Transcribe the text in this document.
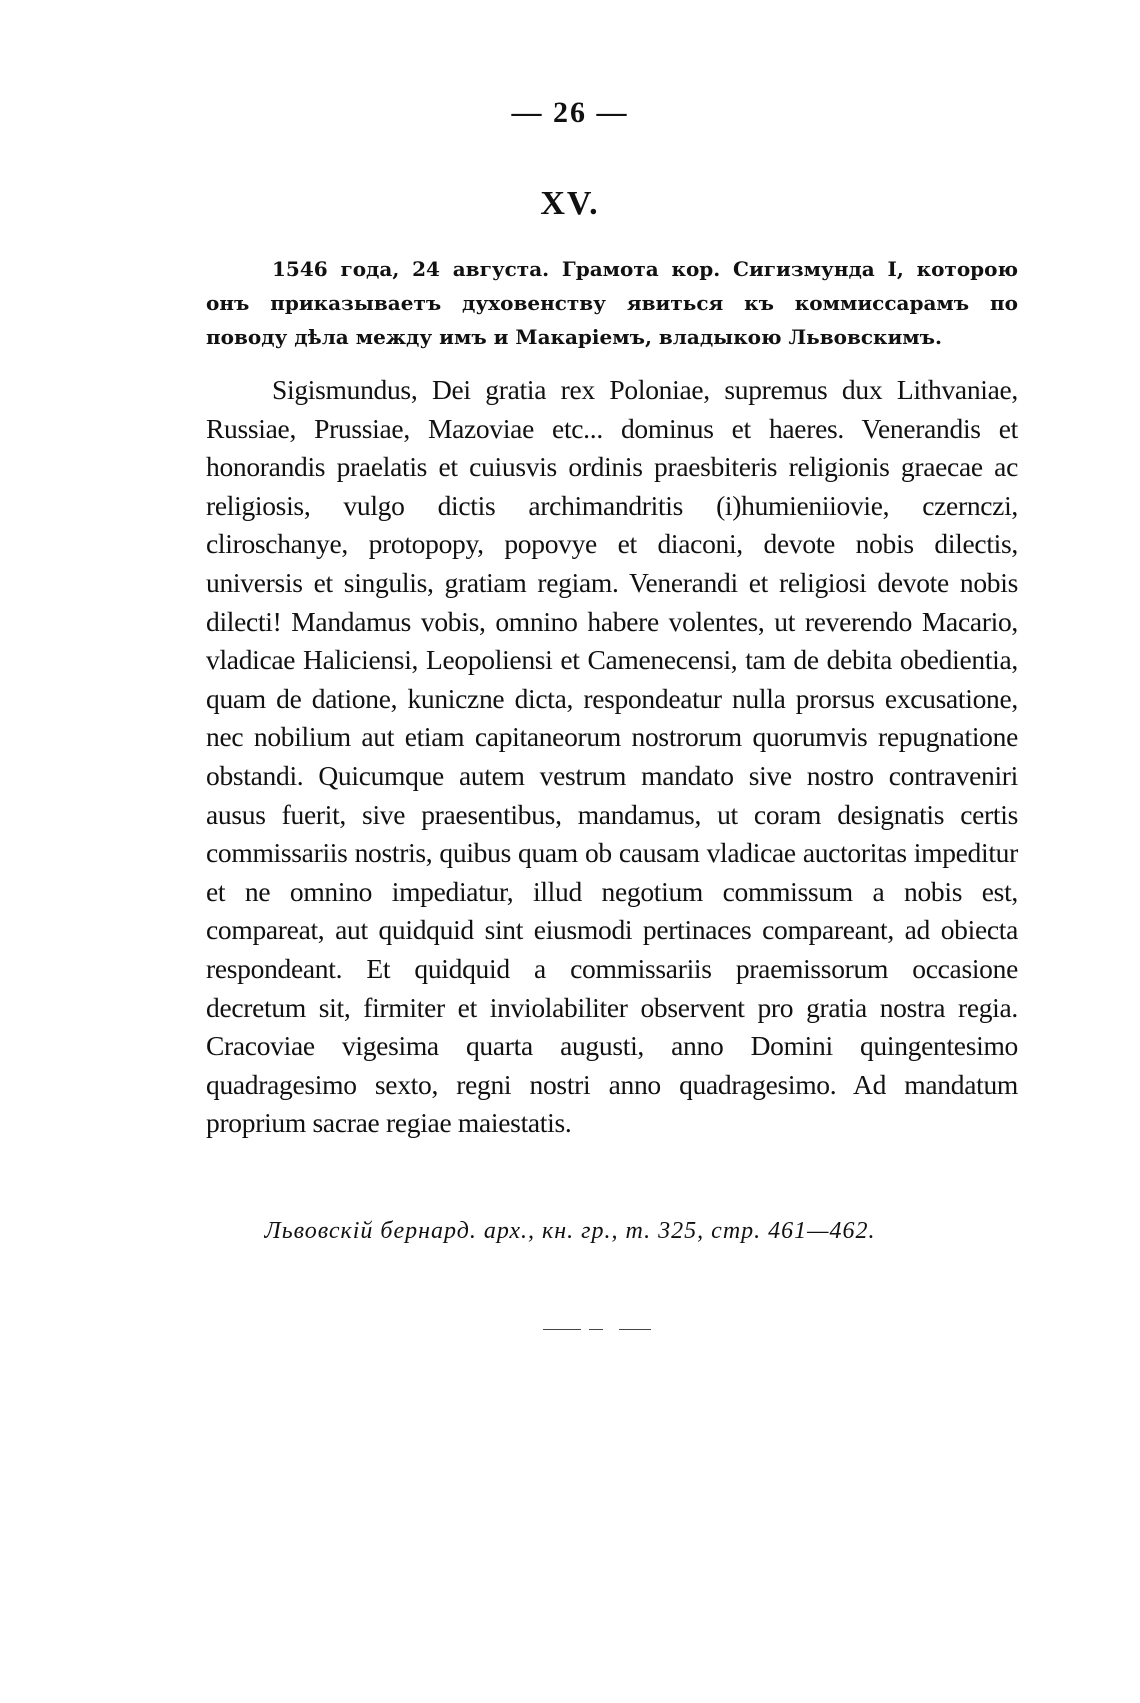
— 26 —
XV.
1546 года, 24 августа. Грамота кор. Сигизмунда I, которою онъ приказываетъ духовенству явиться къ коммиссарамъ по поводу дѣла между имъ и Макаріемъ, владыкою Львовскимъ.
Sigismundus, Dei gratia rex Poloniae, supremus dux Lithvaniae, Russiae, Prussiae, Mazoviae etc... dominus et haeres. Venerandis et honorandis praelatis et cuiusvis ordinis praesbiteris religionis graecae ac religiosis, vulgo dictis archimandritis (i)humieniiovie, czernczi, cliroschanye, protopopy, popovye et diaconi, devote nobis dilectis, universis et singulis, gratiam regiam. Venerandi et religiosi devote nobis dilecti! Mandamus vobis, omnino habere volentes, ut reverendo Macario, vladicae Haliciensi, Leopoliensi et Camenecensi, tam de debita obedientia, quam de datione, kuniczne dicta, respondeatur nulla prorsus excusatione, nec nobilium aut etiam capitaneorum nostrorum quorumvis repugnatione obstandi. Quicumque autem vestrum mandato sive nostro contraveniri ausus fuerit, sive praesentibus, mandamus, ut coram designatis certis commissariis nostris, quibus quam ob causam vladicae auctoritas impeditur et ne omnino impediatur, illud negotium commissum a nobis est, compareat, aut quidquid sint eiusmodi pertinaces compareant, ad obiecta respondeant. Et quidquid a commissariis praemissorum occasione decretum sit, firmiter et inviolabiliter observent pro gratia nostra regia. Cracoviae vigesima quarta augusti, anno Domini quingentesimo quadragesimo sexto, regni nostri anno quadragesimo. Ad mandatum proprium sacrae regiae maiestatis.
Львовскій бернард. арх., кн. гр., т. 325, стр. 461—462.
